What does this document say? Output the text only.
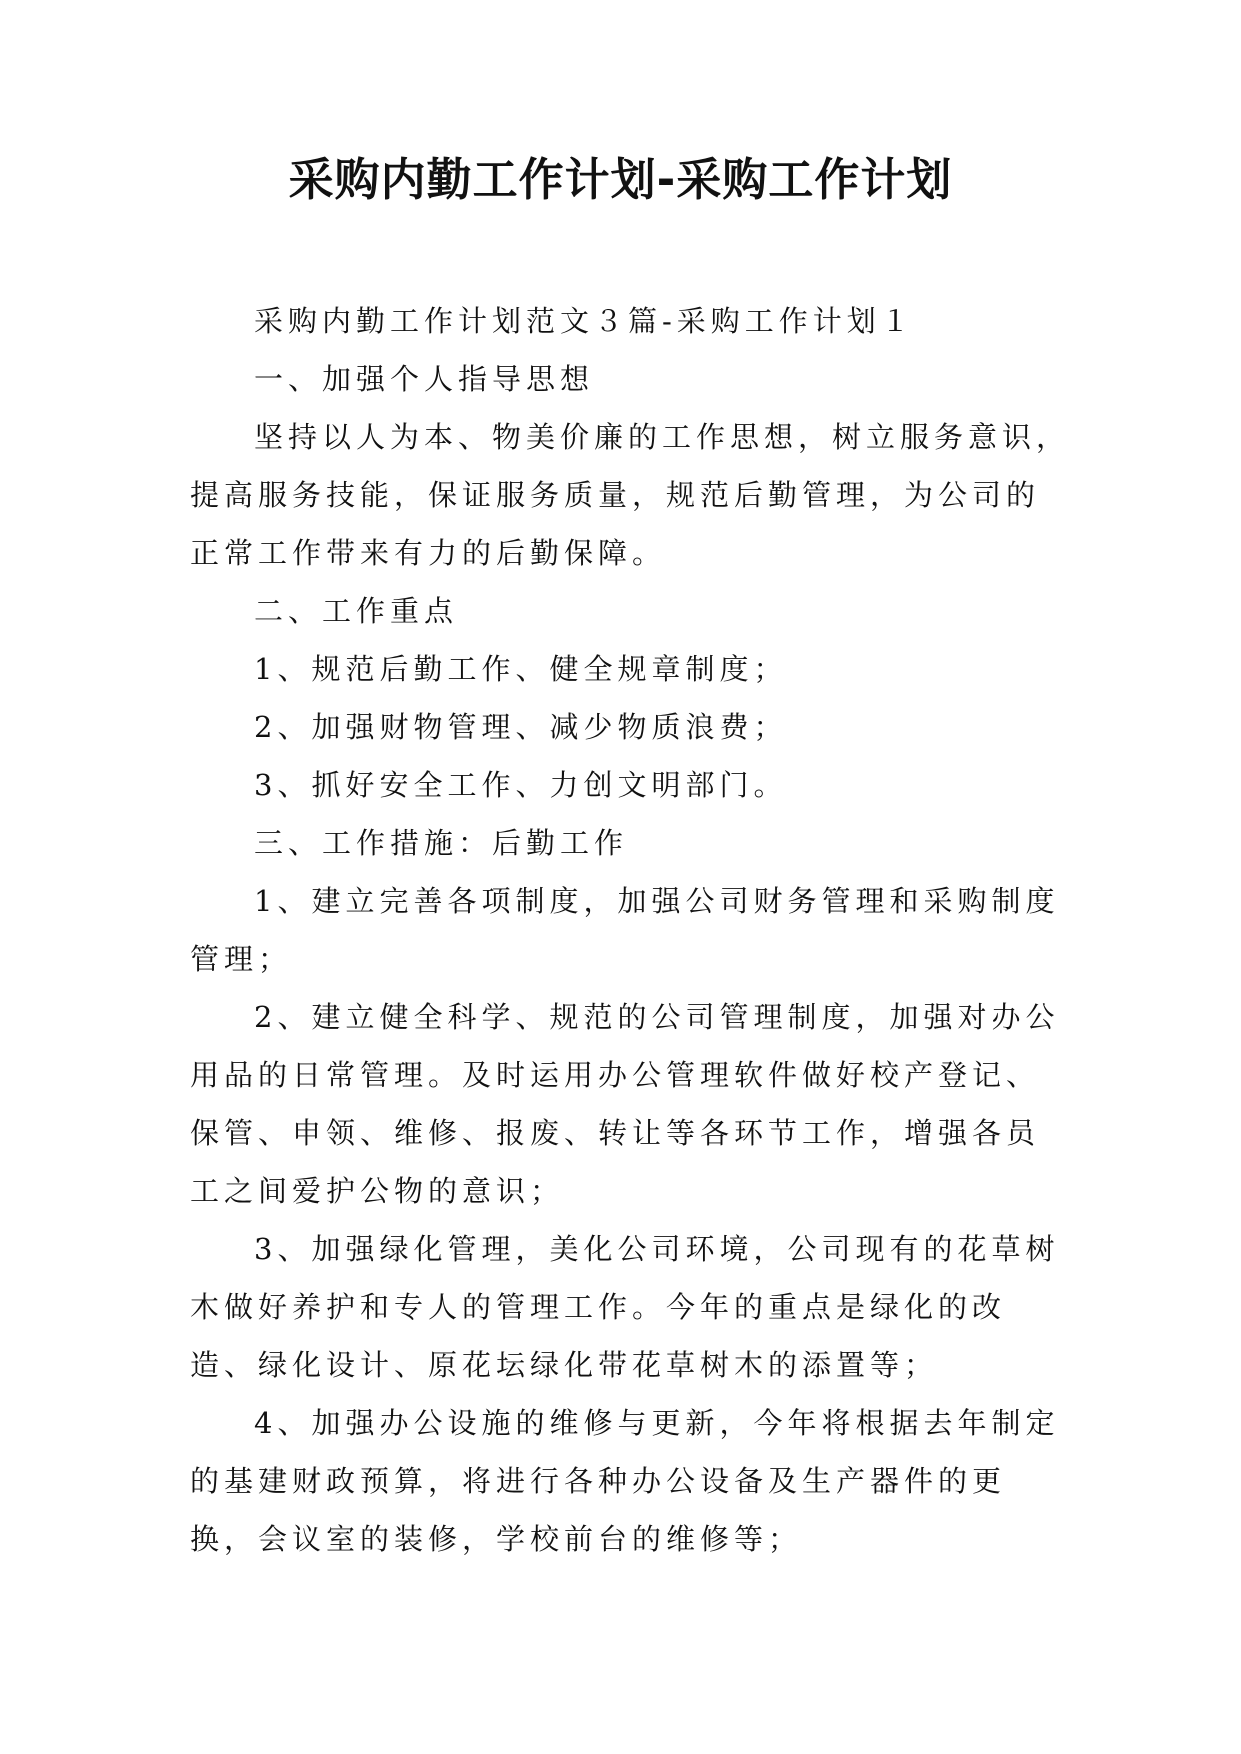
采购内勤工作计划-采购工作计划

采购内勤工作计划范文３篇-采购工作计划１

一、加强个人指导思想

坚持以人为本、物美价廉的工作思想，树立服务意识，提高服务技能，保证服务质量，规范后勤管理，为公司的正常工作带来有力的后勤保障。

二、工作重点

1、规范后勤工作、健全规章制度；

2、加强财物管理、减少物质浪费；

3、抓好安全工作、力创文明部门。

三、工作措施：后勤工作

1、建立完善各项制度，加强公司财务管理和采购制度管理；

2、建立健全科学、规范的公司管理制度，加强对办公用品的日常管理。及时运用办公管理软件做好校产登记、保管、申领、维修、报废、转让等各环节工作，增强各员工之间爱护公物的意识；

3、加强绿化管理，美化公司环境，公司现有的花草树木做好养护和专人的管理工作。今年的重点是绿化的改造、绿化设计、原花坛绿化带花草树木的添置等；

4、加强办公设施的维修与更新，今年将根据去年制定的基建财政预算，将进行各种办公设备及生产器件的更换，会议室的装修，学校前台的维修等；
